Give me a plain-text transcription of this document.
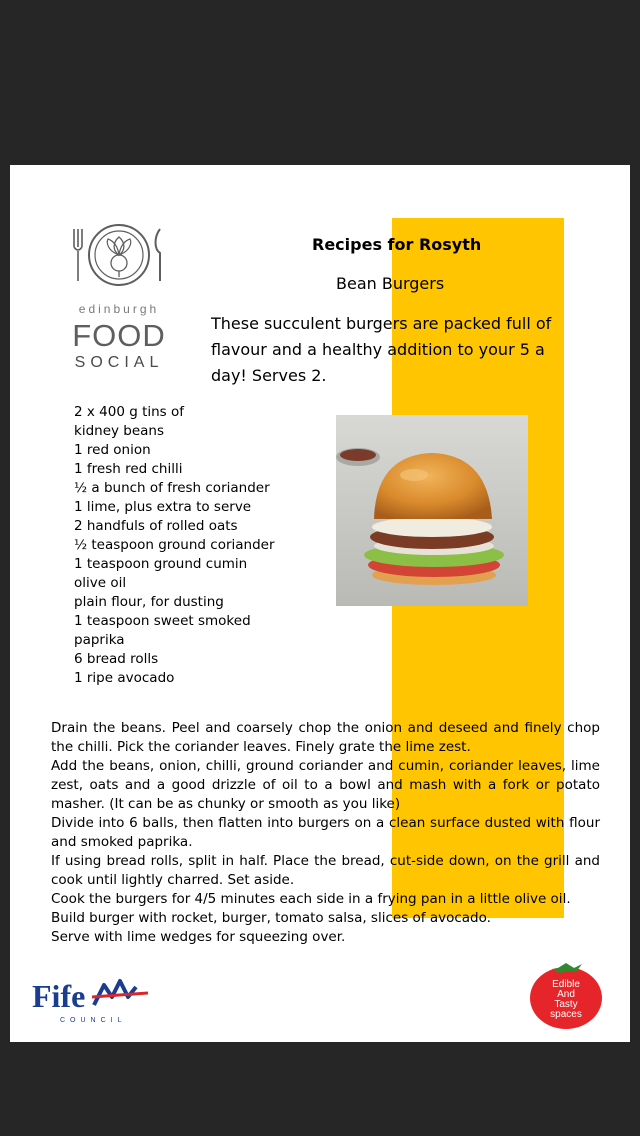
edinburgh
FOOD
SOCIAL
Recipes for Rosyth
Bean Burgers
These succulent burgers are packed full of flavour and a healthy addition to your 5 a day! Serves 2.
2 x 400 g tins of kidney beans
1 red onion
1 fresh red chilli
½ a bunch of fresh coriander
1 lime, plus extra to serve
2 handfuls of rolled oats
½ teaspoon ground coriander
1 teaspoon ground cumin
olive oil
plain flour, for dusting
1 teaspoon sweet smoked paprika
6 bread rolls
1 ripe avocado

Drain the beans. Peel and coarsely chop the onion and deseed and finely chop the chilli. Pick the coriander leaves. Finely grate the lime zest.

Add the beans, onion, chilli, ground coriander and cumin, coriander leaves, lime zest, oats and a good drizzle of oil to a bowl and mash with a fork or potato masher. (It can be as chunky or smooth as you like)

Divide into 6 balls, then flatten into burgers on a clean surface dusted with flour and smoked paprika.

If using bread rolls, split in half. Place the bread, cut-side down, on the grill and cook until lightly charred. Set aside.

Cook the burgers for 4/5 minutes each side in a frying pan in a little olive oil.

Build burger with rocket, burger, tomato salsa, slices of avocado.

Serve with lime wedges for squeezing over.

Fife
COUNCIL
Edible
And
Tasty
spaces
